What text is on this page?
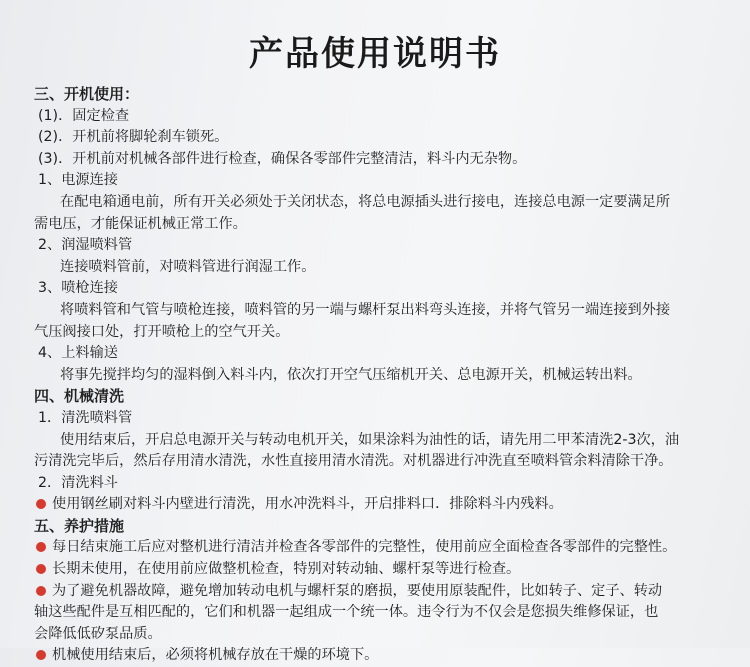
产品使用说明书
三、开机使用：
(1)．固定检查
(2)．开机前将脚轮刹车锁死。
(3)．开机前对机械各部件进行检查，确保各零部件完整清洁，料斗内无杂物。
1、电源连接
在配电箱通电前，所有开关必须处于关闭状态，将总电源插头进行接电，连接总电源一定要满足所
需电压，才能保证机械正常工作。
2、润湿喷料管
连接喷料管前，对喷料管进行润湿工作。
3、喷枪连接
将喷料管和气管与喷枪连接，喷料管的另一端与螺杆泵出料弯头连接，并将气管另一端连接到外接
气压阀接口处，打开喷枪上的空气开关。
4、上料输送
将事先搅拌均匀的湿料倒入料斗内，依次打开空气压缩机开关、总电源开关，机械运转出料。
四、机械清洗
1．清洗喷料管
使用结束后，开启总电源开关与转动电机开关，如果涂料为油性的话，请先用二甲苯清洗2-3次，油
污清洗完毕后，然后存用清水清洗，水性直接用清水清洗。对机器进行冲洗直至喷料管余料清除干净。
2．清洗料斗
使用钢丝刷对料斗内壁进行清洗，用水冲洗料斗，开启排料口．排除料斗内残料。
五、养护措施
每日结束施工后应对整机进行清洁并检查各零部件的完整性，使用前应全面检查各零部件的完整性。
长期未使用，在使用前应做整机检查，特别对转动轴、螺杆泵等进行检查。
为了避免机器故障，避免增加转动电机与螺杆泵的磨损，要使用原装配件，比如转子、定子、转动
轴这些配件是互相匹配的，它们和机器一起组成一个统一体。违令行为不仅会是您损失维修保证，也
会降低低矽泵品质。
机械使用结束后，必须将机械存放在干燥的环境下。
